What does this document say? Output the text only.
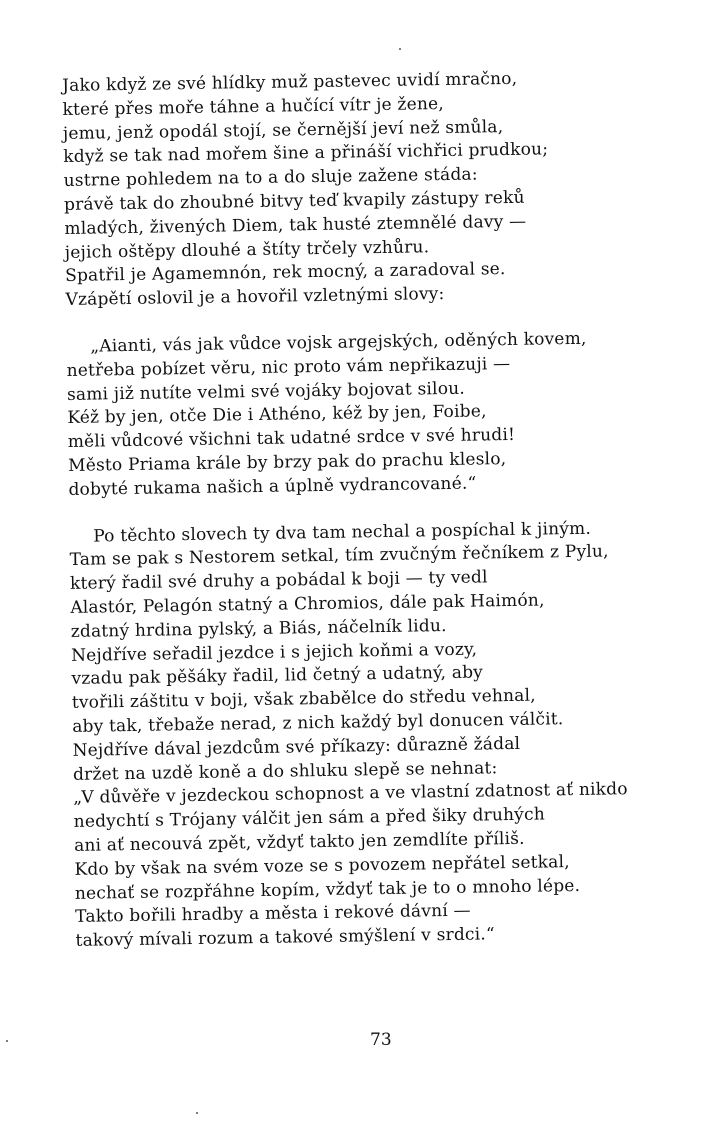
Jako když ze své hlídky muž pastevec uvidí mračno,
které přes moře táhne a hučící vítr je žene,
jemu, jenž opodál stojí, se černější jeví než smůla,
když se tak nad mořem šine a přináší vichřici prudkou;
ustrne pohledem na to a do sluje zažene stáda:
právě tak do zhoubné bitvy teď kvapily zástupy reků
mladých, živených Diem, tak husté ztemnělé davy —
jejich oštěpy dlouhé a štíty trčely vzhůru.
Spatřil je Agamemnón, rek mocný, a zaradoval se.
Vzápětí oslovil je a hovořil vzletnými slovy:

„Aianti, vás jak vůdce vojsk argejských, oděných kovem,
netřeba pobízet věru, nic proto vám nepřikazuji —
sami již nutíte velmi své vojáky bojovat silou.
Kéž by jen, otče Die i Athéno, kéž by jen, Foibe,
měli vůdcové všichni tak udatné srdce v své hrudi!
Město Priama krále by brzy pak do prachu kleslo,
dobyté rukama našich a úplně vydrancované.“

Po těchto slovech ty dva tam nechal a pospíchal k jiným.
Tam se pak s Nestorem setkal, tím zvučným řečníkem z Pylu,
který řadil své druhy a pobádal k boji — ty vedl
Alastór, Pelagón statný a Chromios, dále pak Haimón,
zdatný hrdina pylský, a Biás, náčelník lidu.
Nejdříve seřadil jezdce i s jejich koňmi a vozy,
vzadu pak pěšáky řadil, lid četný a udatný, aby
tvořili záštitu v boji, však zbabělce do středu vehnal,
aby tak, třebaže nerad, z nich každý byl donucen válčit.
Nejdříve dával jezdcům své příkazy: důrazně žádal
držet na uzdě koně a do shluku slepě se nehnat:
„V důvěře v jezdeckou schopnost a ve vlastní zdatnost ať nikdo
nedychtí s Trójany válčit jen sám a před šiky druhých
ani ať necouvá zpět, vždyť takto jen zemdlíte příliš.
Kdo by však na svém voze se s povozem nepřátel setkal,
nechať se rozpřáhne kopím, vždyť tak je to o mnoho lépe.
Takto bořili hradby a města i rekové dávní —
takový mívali rozum a takové smýšlení v srdci.“

73
